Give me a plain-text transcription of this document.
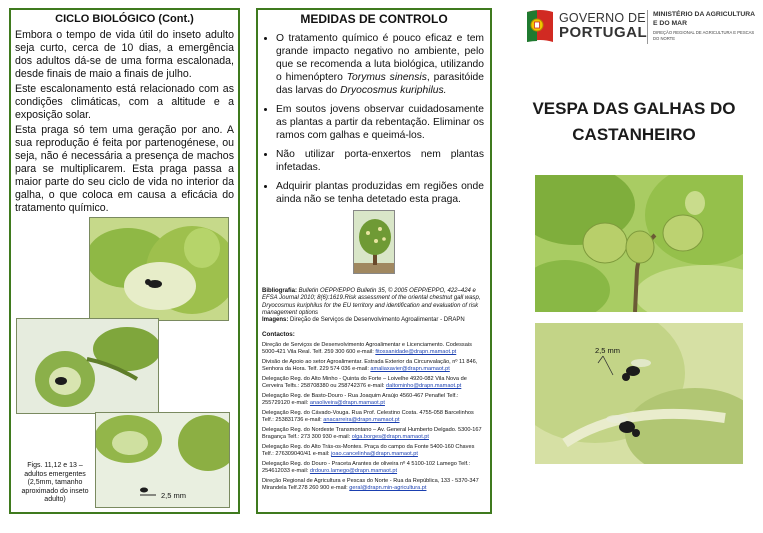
CICLO BIOLÓGICO (Cont.)

Embora o tempo de vida útil do inseto adulto seja curto, cerca de 10 dias, a emergência dos adultos dá-se de uma forma escalonada, desde finais de maio a finais de julho.

Este escalonamento está relacionado com as condições climáticas, com a altitude e a exposição solar.

Esta praga só tem uma geração por ano. A sua reprodução é feita por partenogénese, ou seja, não é necessária a presença de machos para se multiplicarem. Esta praga passa a maior parte do seu ciclo de vida no interior da galha, o que coloca em causa a eficácia do tratamento químico.

2,5 mm
Figs. 11,12 e 13 – adultos emergentes (2,5mm, tamanho aproximado do inseto adulto)
MEDIDAS DE CONTROLO
• O tratamento químico é pouco eficaz e tem grande impacto negativo no ambiente, pelo que se recomenda a luta biológica, utilizando o himenóptero Torymus sinensis, parasitóide das larvas do Dryocosmus kuriphilus.
• Em soutos jovens observar cuidadosamente as plantas a partir da rebentação. Eliminar os ramos com galhas e queimá-los.
• Não utilizar porta-enxertos nem plantas infetadas.
• Adquirir plantas produzidas em regiões onde ainda não se tenha detetado esta praga.
Bibliografia: Bulletin OEPP/EPPO Bulletin 35, © 2005 OEPP/EPPO, 422–424 e EFSA Journal 2010; 8(6):1619.Risk assessment of the oriental chestnut gall wasp, Dryocosmus kuriphilus for the EU territory and identification and evaluation of risk management options
Imagens: Direção de Serviços de Desenvolvimento Agroalimentar - DRAPN
Contactos:
Direção de Serviços de Desenvolvimento Agroalimentar e Licenciamento. Codessais 5000-421 Vila Real. Telf. 259 300 600 e-mail: fitossanidade@drapn.mamaot.pt
Divisão de Apoio ao setor Agroalimentar. Estrada Exterior da Circunvalação, nº 11 846, Senhora da Hora. Telf. 229 574 036 e-mail: amaliaxavier@drapn.mamaot.pt
Delegação Reg. do Alto Minho - Quinta do Forte – Loivelhe 4920-082 Vila Nova de Cerveira Telfs.: 258708380 ou 258742376 e-mail: daltominho@drapn.mamaot.pt
Delegação Reg. de Basto-Douro - Rua Joaquim Araújo 4560-467 Penafiel Telf.: 255729120 e-mail: anaoliveira@drapn.mamaot.pt
Delegação Reg. do Cávado-Vouga. Rua Prof. Celestino Costa. 4755-058 Barcelinhos Telf.: 253831736 e-mail: anacarreira@drapn.mamaot.pt
Delegação Reg. do Nordeste Transmontano – Av. General Humberto Delgado. 5300-167 Bragança Telf.: 273 300 930 e-mail: olga.borges@drapn.mamaot.pt
Delegação Reg. do Alto Trás-os-Montes. Praça do campo da Fonte 5400-160 Chaves Telf.: 276309040/41 e-mail: joao.cancelinha@drapn.mamaot.pt
Delegação Reg. do Douro - Praceta Arantes de oliveira nº 4 5100-102 Lamego Telf.: 254612033 e-mail: drdouro.lamego@drapn.mamaot.pt
Direção Regional de Agricultura e Pescas do Norte - Rua da República, 133 - 5370-347 Mirandela Telf.278 260 900 e-mail: geral@drapn.min-agricultura.pt
GOVERNO DE
PORTUGAL
MINISTÉRIO DA AGRICULTURA
E DO MAR
DIREÇÃO REGIONAL DE AGRICULTURA E PESCAS
DO NORTE
VESPA DAS GALHAS DO
CASTANHEIRO
2,5 mm
